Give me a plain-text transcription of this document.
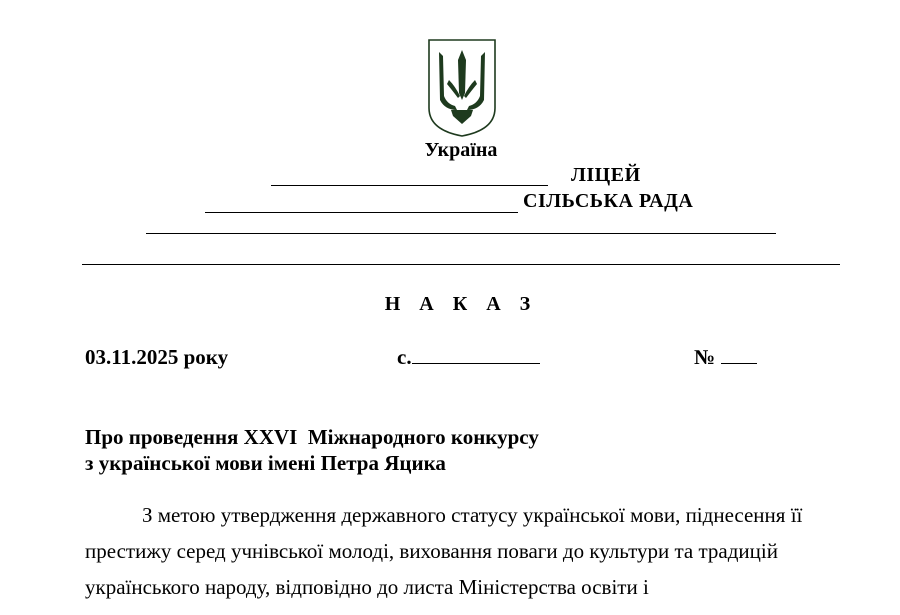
Україна
ЛІЦЕЙ
СІЛЬСЬКА РАДА
Н А К А З
03.11.2025 року	с.	№
Про проведення XXVI  Міжнародного конкурсу
з української мови імені Петра Яцика

З метою утвердження державного статусу української мови, піднесення її престижу серед учнівської молоді, виховання поваги до культури та традицій українського народу, відповідно до листа Міністерства освіти і
